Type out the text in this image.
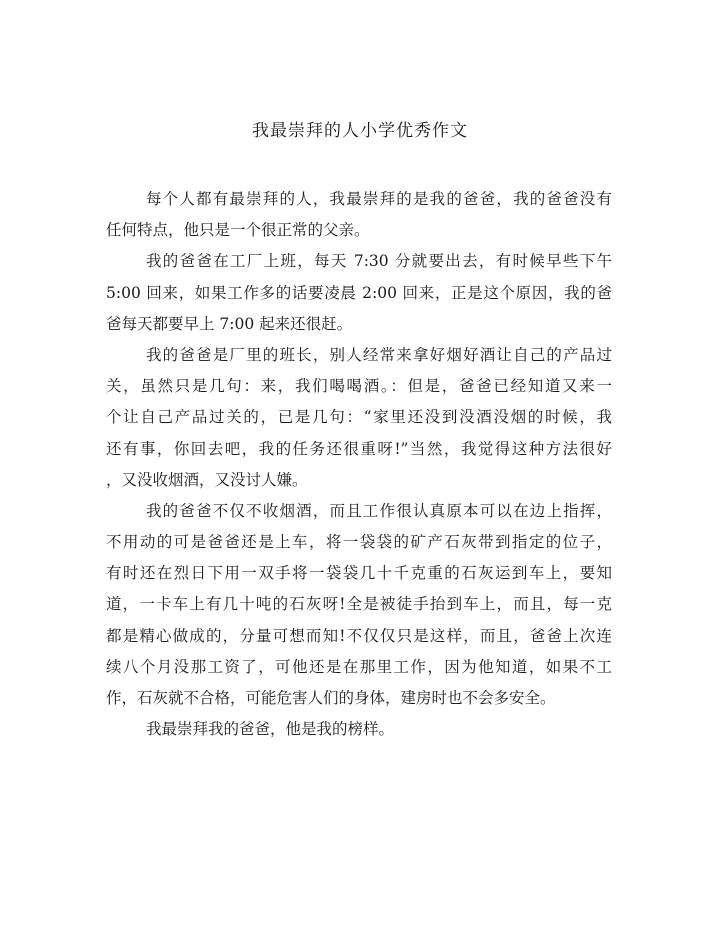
我最崇拜的人小学优秀作文
每个人都有最崇拜的人，我最崇拜的是我的爸爸，我的爸爸没有
任何特点，他只是一个很正常的父亲。
我的爸爸在工厂上班，每天 7:30 分就要出去，有时候早些下午
5:00 回来，如果工作多的话要凌晨 2:00 回来，正是这个原因，我的爸
爸每天都要早上 7:00 起来还很赶。
我的爸爸是厂里的班长，别人经常来拿好烟好酒让自己的产品过
关，虽然只是几句：来，我们喝喝酒。：但是，爸爸已经知道又来一
个让自己产品过关的，已是几句：“家里还没到没酒没烟的时候，我
还有事，你回去吧，我的任务还很重呀!”当然，我觉得这种方法很好
，又没收烟酒，又没讨人嫌。
我的爸爸不仅不收烟酒，而且工作很认真原本可以在边上指挥，
不用动的可是爸爸还是上车，将一袋袋的矿产石灰带到指定的位子，
有时还在烈日下用一双手将一袋袋几十千克重的石灰运到车上，要知
道，一卡车上有几十吨的石灰呀!全是被徒手抬到车上，而且，每一克
都是精心做成的，分量可想而知!不仅仅只是这样，而且，爸爸上次连
续八个月没那工资了，可他还是在那里工作，因为他知道，如果不工
作，石灰就不合格，可能危害人们的身体，建房时也不会多安全。
我最崇拜我的爸爸，他是我的榜样。
